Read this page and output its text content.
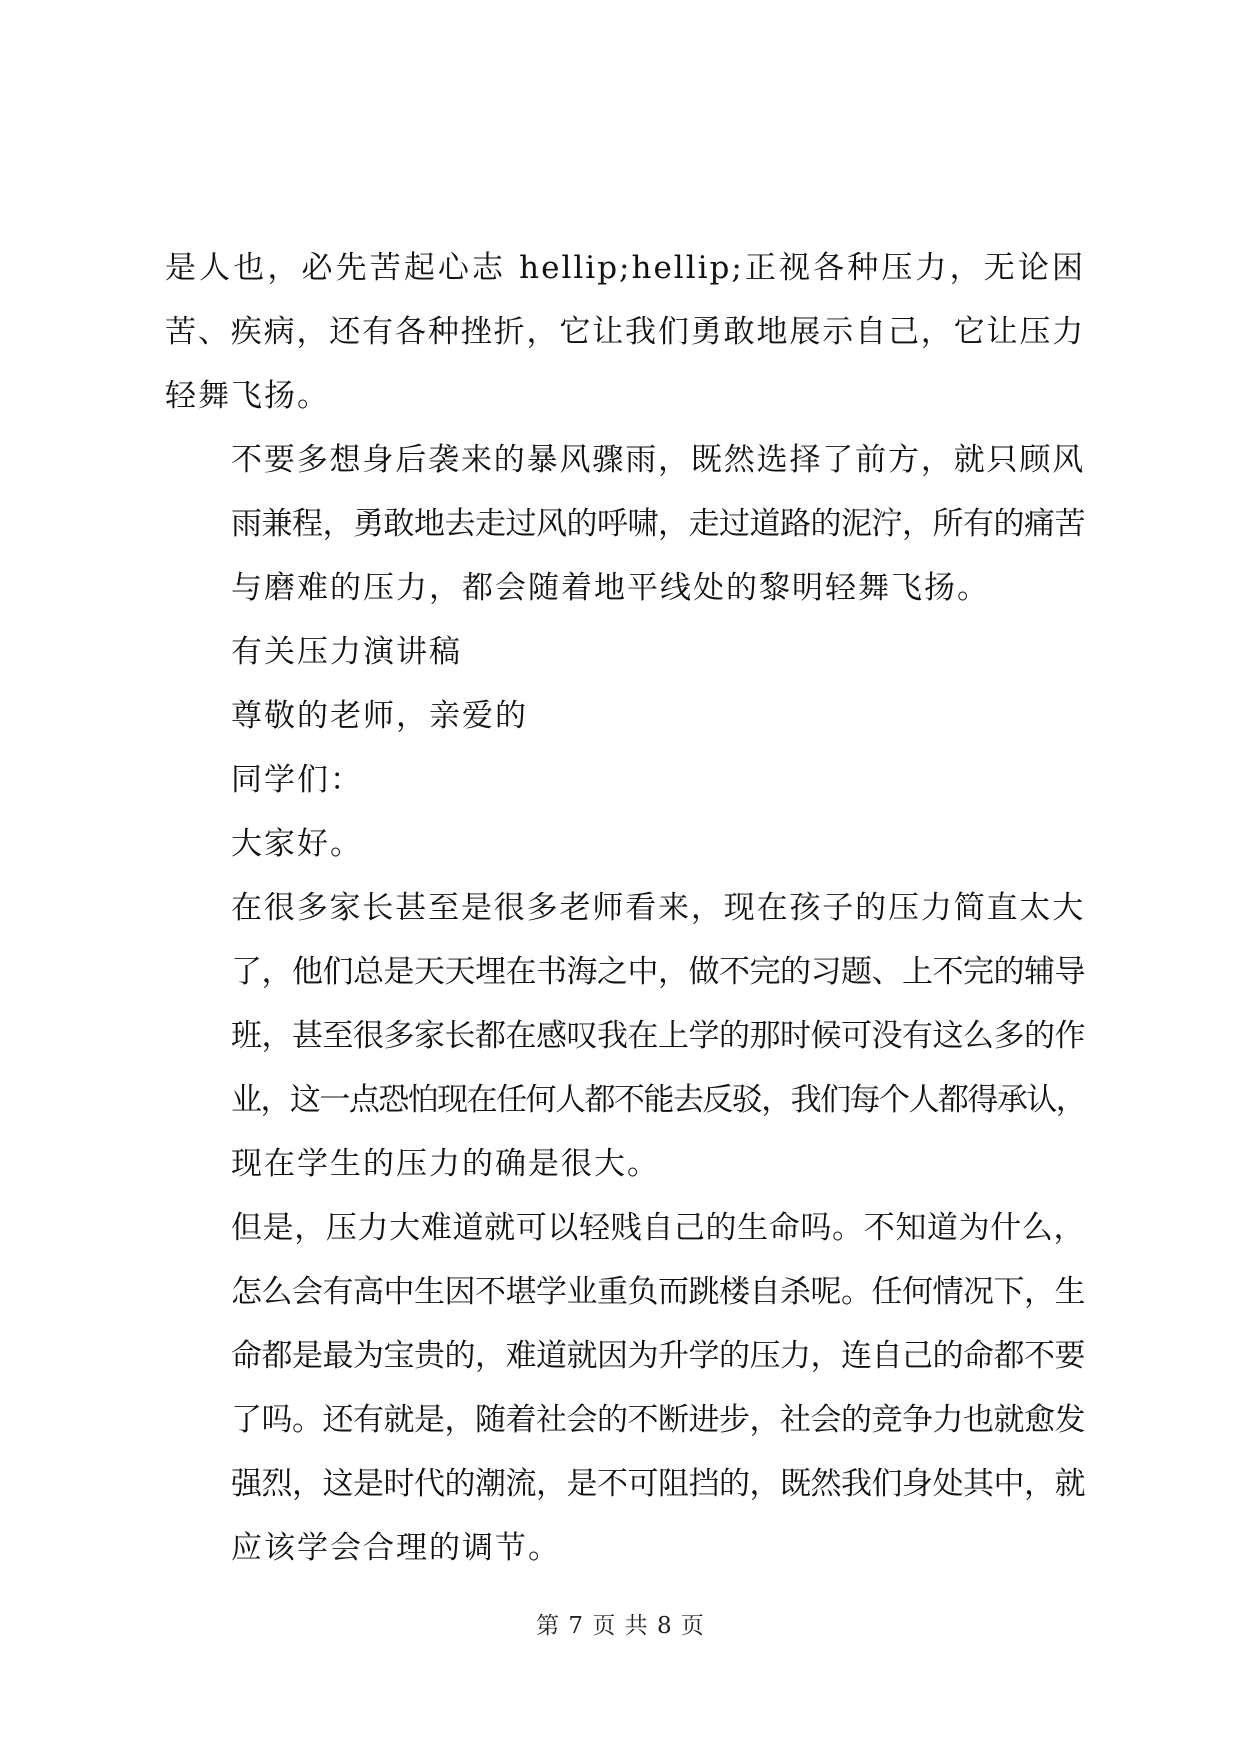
是人也，必先苦起心志 hellip;hellip;正视各种压力，无论困
苦、疾病，还有各种挫折，它让我们勇敢地展示自己，它让压力
轻舞飞扬。

不要多想身后袭来的暴风骤雨，既然选择了前方，就只顾风
雨兼程，勇敢地去走过风的呼啸，走过道路的泥泞，所有的痛苦
与磨难的压力，都会随着地平线处的黎明轻舞飞扬。

有关压力演讲稿

尊敬的老师，亲爱的

同学们：

大家好。

在很多家长甚至是很多老师看来，现在孩子的压力简直太大
了，他们总是天天埋在书海之中，做不完的习题、上不完的辅导
班，甚至很多家长都在感叹我在上学的那时候可没有这么多的作
业，这一点恐怕现在任何人都不能去反驳，我们每个人都得承认，
现在学生的压力的确是很大。

但是，压力大难道就可以轻贱自己的生命吗。不知道为什么，
怎么会有高中生因不堪学业重负而跳楼自杀呢。任何情况下，生
命都是最为宝贵的，难道就因为升学的压力，连自己的命都不要
了吗。还有就是，随着社会的不断进步，社会的竞争力也就愈发
强烈，这是时代的潮流，是不可阻挡的，既然我们身处其中，就
应该学会合理的调节。

第 7 页 共 8 页
